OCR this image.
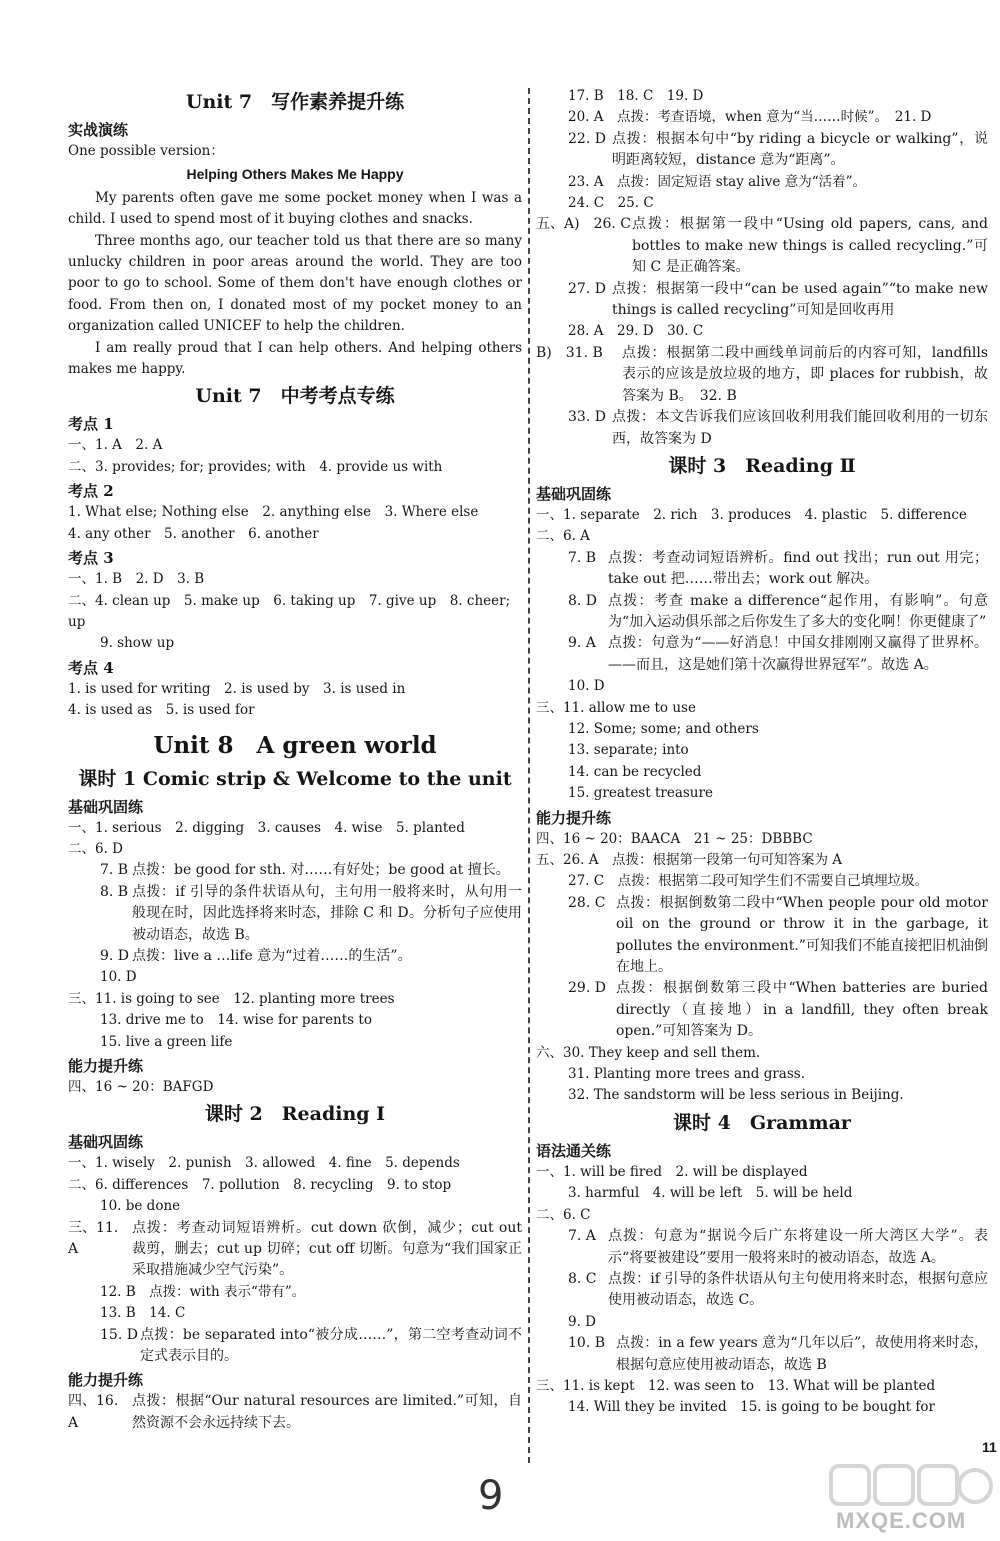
Unit 7　写作素养提升练
实战演练
One possible version：
Helping Others Makes Me Happy

My parents often gave me some pocket money when I was a child. I used to spend most of it buying clothes and snacks.

Three months ago, our teacher told us that there are so many unlucky children in poor areas around the world. They are too poor to go to school. Some of them don't have enough clothes or food. From then on, I donated most of my pocket money to an organization called UNICEF to help the children.

I am really proud that I can help others. And helping others makes me happy.

Unit 7　中考考点专练
考点 1
一、1. A　2. A
二、3. provides; for; provides; with　4. provide us with
考点 2
1. What else; Nothing else　2. anything else　3. Where else
4. any other　5. another　6. another
考点 3
一、1. B　2. D　3. B
二、4. clean up　5. make up　6. taking up　7. give up　8. cheer; up
9. show up
考点 4
1. is used for writing　2. is used by　3. is used in
4. is used as　5. is used for
Unit 8　A green world
课时 1 Comic strip & Welcome to the unit
基础巩固练
一、1. serious　2. digging　3. causes　4. wise　5. planted
二、6. D
7. B 点拨：be good for sth. 对……有好处；be good at 擅长。
8. B 点拨：if 引导的条件状语从句，主句用一般将来时，从句用一般现在时，因此选择将来时态，排除 C 和 D。分析句子应使用被动语态，故选 B。
9. D 点拨：live a …life 意为“过着……的生活”。
10. D
三、11. is going to see　12. planting more trees
13. drive me to　14. wise for parents to
15. live a green life
能力提升练
四、16 ~ 20：BAFGD
课时 2　Reading Ⅰ
基础巩固练
一、1. wisely　2. punish　3. allowed　4. fine　5. depends
二、6. differences　7. pollution　8. recycling　9. to stop
10. be done
三、11. A
点拨：考查动词短语辨析。cut down 砍倒，减少；cut out 裁剪，删去；cut up 切碎；cut off 切断。句意为“我们国家正采取措施减少空气污染”。
12. B　点拨：with 表示“带有”。
13. B　14. C
15. D 点拨：be separated into“被分成……”，第二空考查动词不定式表示目的。
能力提升练
四、16. A
点拨：根据“Our natural resources are limited.”可知，自然资源不会永远持续下去。
17. B　18. C　19. D
20. A　点拨：考查语境，when 意为“当……时候”。　21. D
22. D 点拨：根据本句中“by riding a bicycle or walking”，说明距离较短，distance 意为“距离”。
23. A　点拨：固定短语 stay alive 意为“活着”。
24. C　25. C
五、A)　26. C 点拨：根据第一段中“Using old papers, cans, and bottles to make new things is called recycling.”可知 C 是正确答案。
27. D 点拨：根据第一段中“can be used again”“to make new things is called recycling”可知是回收再用
28. A　29. D　30. C
B)　31. B	点拨：根据第二段中画线单词前后的内容可知，landfills 表示的应该是放垃圾的地方，即 places for rubbish，故答案为 B。　32. B
33. D 点拨：本文告诉我们应该回收利用我们能回收利用的一切东西，故答案为 D
课时 3　Reading Ⅱ
基础巩固练
一、1. separate　2. rich　3. produces　4. plastic　5. difference
二、6. A
7. B 点拨：考查动词短语辨析。find out 找出；run out 用完；take out 把……带出去；work out 解决。
8. D 点拨：考查 make a difference“起作用，有影响”。句意为“加入运动俱乐部之后你发生了多大的变化啊！你更健康了”
9. A 点拨：句意为“——好消息！中国女排刚刚又赢得了世界杯。——而且，这是她们第十次赢得世界冠军”。故选 A。
10. D
三、11. allow me to use
12. Some; some; and others
13. separate; into
14. can be recycled
15. greatest treasure
能力提升练
四、16 ~ 20：BAACA　21 ~ 25：DBBBC
五、26. A　点拨：根据第一段第一句可知答案为 A
27. C　点拨：根据第二段可知学生们不需要自己填埋垃圾。
28. C 点拨：根据倒数第二段中“When people pour old motor oil on the ground or throw it in the garbage, it pollutes the environment.”可知我们不能直接把旧机油倒在地上。
29. D 点拨：根据倒数第三段中“When batteries are buried directly（直接地）in a landfill, they often break open.”可知答案为 D。
六、30. They keep and sell them.
31. Planting more trees and grass.
32. The sandstorm will be less serious in Beijing.
课时 4　Grammar
语法通关练
一、1. will be fired　2. will be displayed
3. harmful　4. will be left　5. will be held
二、6. C
7. A 点拨：句意为“据说今后广东将建设一所大湾区大学”。表示“将要被建设”要用一般将来时的被动语态，故选 A。
8. C 点拨：if 引导的条件状语从句主句使用将来时态，根据句意应使用被动语态，故选 C。
9. D
10. B 点拨：in a few years 意为“几年以后”，故使用将来时态，根据句意应使用被动语态，故选 B
三、11. is kept　12. was seen to　13. What will be planted
14. Will they be invited　15. is going to be bought for
9
11
MXQE.COM
